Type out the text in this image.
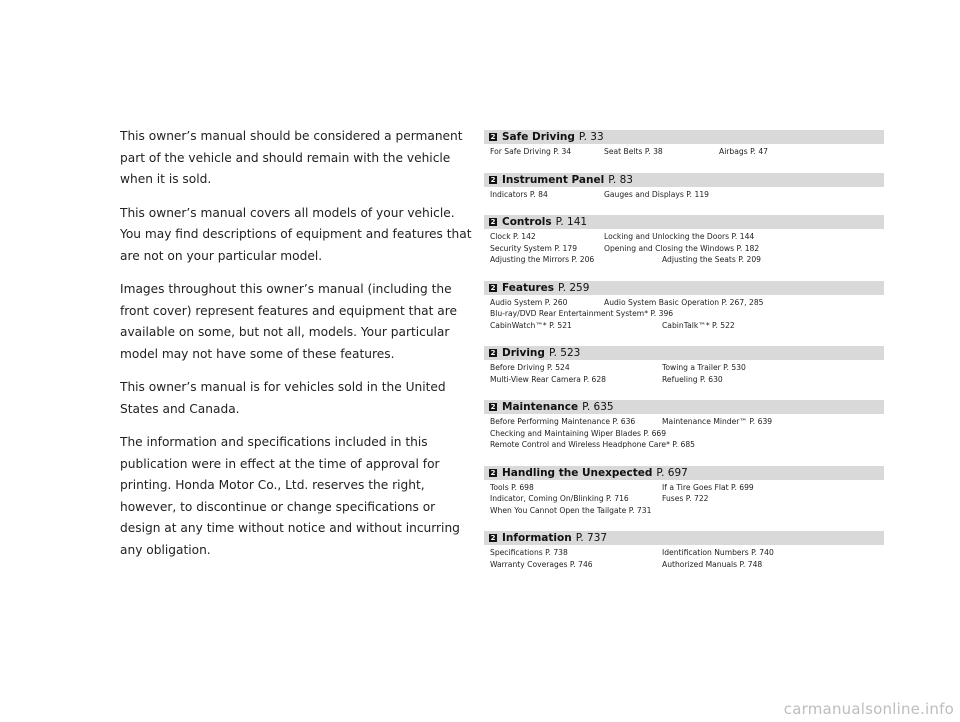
This owner’s manual should be considered a permanent part of the vehicle and should remain with the vehicle when it is sold.

This owner’s manual covers all models of your vehicle. You may find descriptions of equipment and features that are not on your particular model.

Images throughout this owner’s manual (including the front cover) represent features and equipment that are available on some, but not all, models. Your particular model may not have some of these features.

This owner’s manual is for vehicles sold in the United States and Canada.

The information and specifications included in this publication were in effect at the time of approval for printing. Honda Motor Co., Ltd. reserves the right, however, to discontinue or change specifications or design at any time without notice and without incurring any obligation.

2 Safe Driving P. 33
For Safe Driving P. 34	Seat Belts P. 38	Airbags P. 47
2 Instrument Panel P. 83
Indicators P. 84	Gauges and Displays P. 119
2 Controls P. 141
Clock P. 142	Locking and Unlocking the Doors P. 144
Security System P. 179	Opening and Closing the Windows P. 182
Adjusting the Mirrors P. 206	Adjusting the Seats P. 209
2 Features P. 259
Audio System P. 260	Audio System Basic Operation P. 267, 285
Blu-ray/DVD Rear Entertainment System* P. 396
CabinWatch™* P. 521	CabinTalk™* P. 522
2 Driving P. 523
Before Driving P. 524	Towing a Trailer P. 530
Multi-View Rear Camera P. 628	Refueling P. 630
2 Maintenance P. 635
Before Performing Maintenance P. 636	Maintenance Minder™ P. 639
Checking and Maintaining Wiper Blades P. 669
Remote Control and Wireless Headphone Care* P. 685
2 Handling the Unexpected P. 697
Tools P. 698	If a Tire Goes Flat P. 699
Indicator, Coming On/Blinking P. 716	Fuses P. 722
When You Cannot Open the Tailgate P. 731
2 Information P. 737
Specifications P. 738	Identification Numbers P. 740
Warranty Coverages P. 746	Authorized Manuals P. 748
carmanualsonline.info
